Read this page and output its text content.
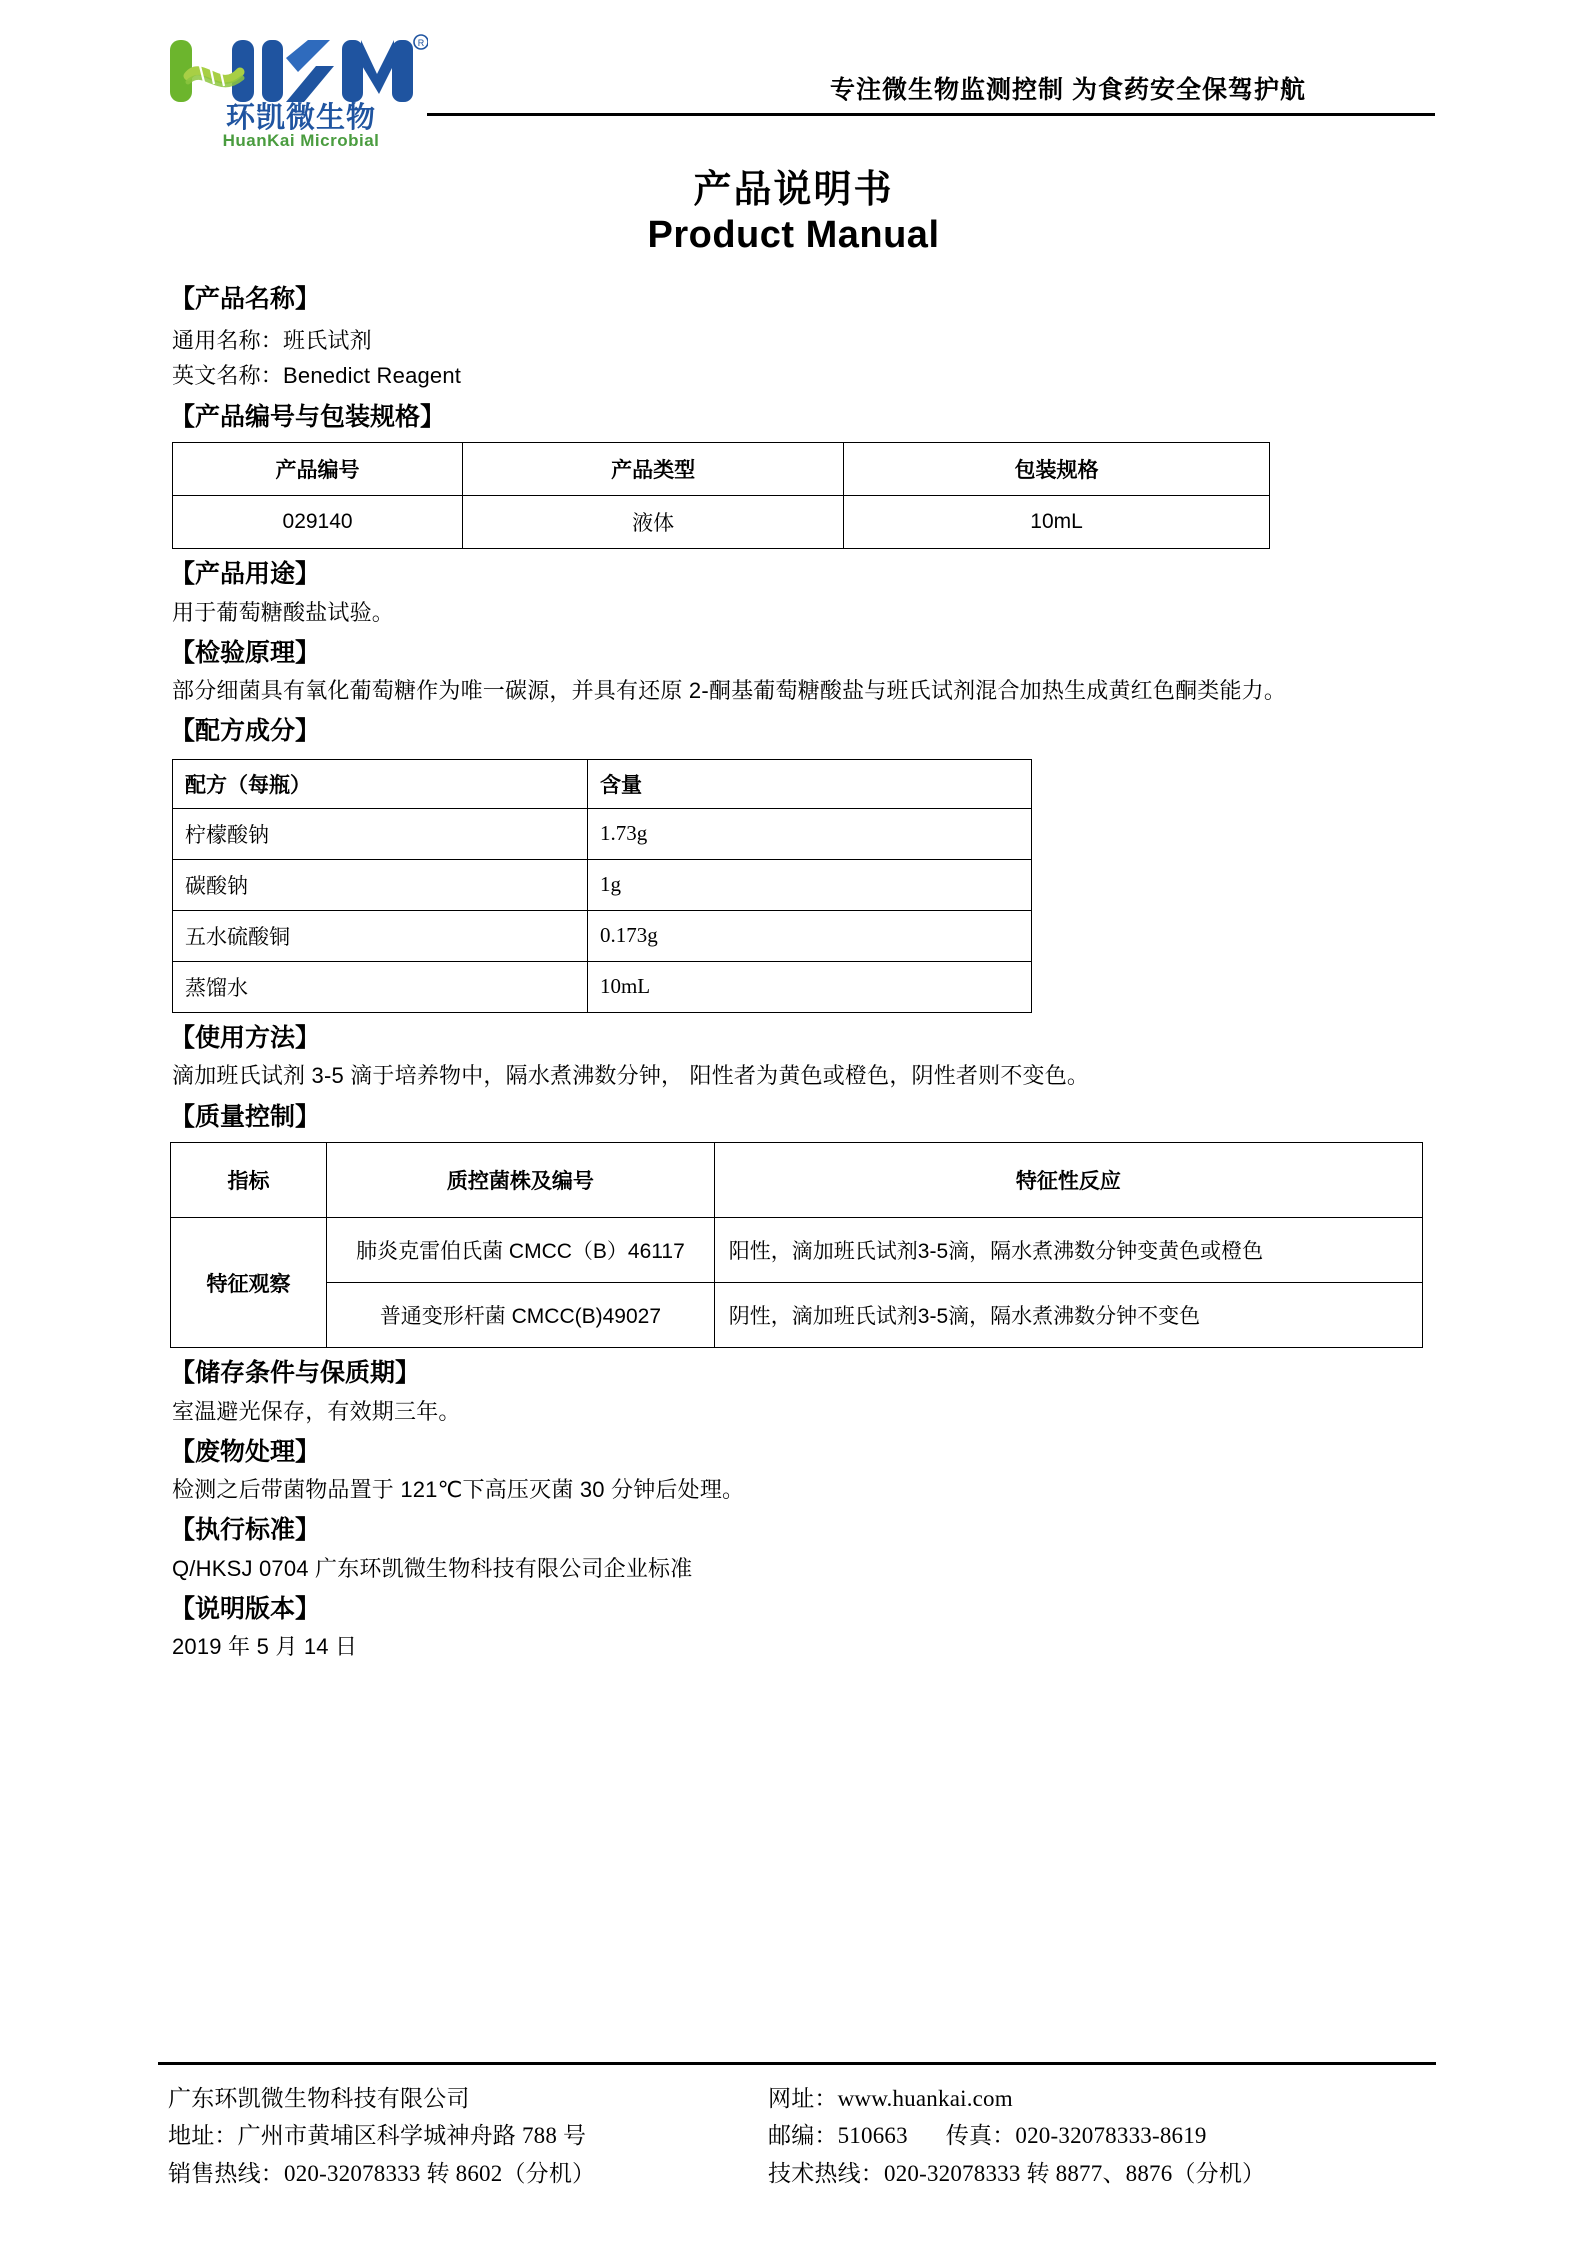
R
环凯微生物
HuanKai Microbial
专注微生物监测控制 为食药安全保驾护航
产品说明书
Product Manual
【产品名称】
通用名称：班氏试剂
英文名称：Benedict Reagent
【产品编号与包装规格】
产品编号	产品类型	包装规格
029140	液体	10mL
【产品用途】
用于葡萄糖酸盐试验。
【检验原理】
部分细菌具有氧化葡萄糖作为唯一碳源，并具有还原 2-酮基葡萄糖酸盐与班氏试剂混合加热生成黄红色酮类能力。
【配方成分】
配方（每瓶）	含量
柠檬酸钠	1.73g
碳酸钠	1g
五水硫酸铜	0.173g
蒸馏水	10mL
【使用方法】
滴加班氏试剂 3-5 滴于培养物中，隔水煮沸数分钟， 阳性者为黄色或橙色，阴性者则不变色。
【质量控制】
指标	质控菌株及编号	特征性反应
特征观察	肺炎克雷伯氏菌 CMCC（B）46117	阳性，滴加班氏试剂3-5滴，隔水煮沸数分钟变黄色或橙色
	普通变形杆菌 CMCC(B)49027	阴性，滴加班氏试剂3-5滴，隔水煮沸数分钟不变色
【储存条件与保质期】
室温避光保存，有效期三年。
【废物处理】
检测之后带菌物品置于 121℃下高压灭菌 30 分钟后处理。
【执行标准】
Q/HKSJ 0704 广东环凯微生物科技有限公司企业标准
【说明版本】
2019 年 5 月 14 日
广东环凯微生物科技有限公司
地址：广州市黄埔区科学城神舟路 788 号
销售热线：020-32078333 转 8602（分机）
网址：www.huankai.com
邮编：510663 传真：020-32078333-8619
技术热线：020-32078333 转 8877、8876（分机）
